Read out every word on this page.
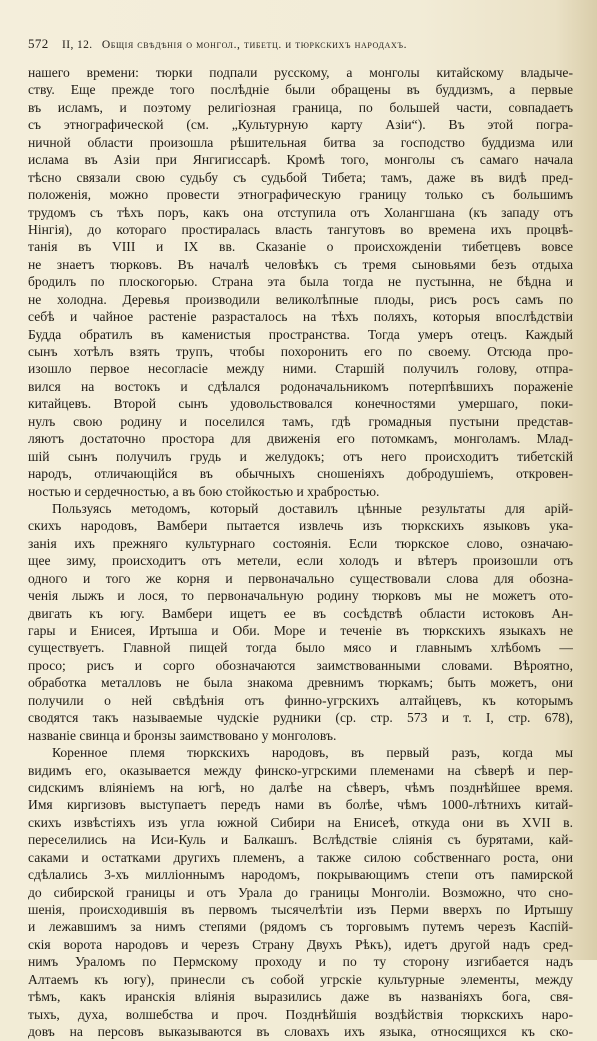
572 II, 12. Общiя свѣдѣнiя о монгол., тибетц. и тюркскихъ народахъ.
нашего времени: тюрки подпали русскому, а монголы китайскому владыче-
ству. Еще прежде того послѣдніе были обращены въ буддизмъ, а первые
въ исламъ, и поэтому религіозная граница, по большей части, совпадаетъ
съ этнографической (см. „Культурную карту Азіи“). Въ этой погра-
ничной области произошла рѣшительная битва за господство буддизма или
ислама въ Азіи при Янгигиссарѣ. Кромѣ того, монголы съ самаго начала
тѣсно связали свою судьбу съ судьбой Тибета; тамъ, даже въ видѣ пред-
положенія, можно провести этнографическую границу только съ большимъ
трудомъ съ тѣхъ поръ, какъ она отступила отъ Холангшана (къ западу отъ
Нінгія), до котораго простиралась власть тангутовъ во времена ихъ процвѣ-
танія въ VIII и IX вв. Сказаніе о происхожденіи тибетцевъ вовсе
не знаетъ тюрковъ. Въ началѣ человѣкъ съ тремя сыновьями безъ отдыха
бродилъ по плоскогорью. Страна эта была тогда не пустынна, не бѣдна и
не холодна. Деревья производили великолѣпные плоды, рисъ росъ самъ по
себѣ и чайное растеніе разрасталось на тѣхъ поляхъ, которыя впослѣдствіи
Будда обратилъ въ каменистыя пространства. Тогда умеръ отецъ. Каждый
сынъ хотѣлъ взять трупъ, чтобы похоронить его по своему. Отсюда про-
изошло первое несогласіе между ними. Старшій получилъ голову, отпра-
вился на востокъ и сдѣлался родоначальникомъ потерпѣвшихъ пораженіе
китайцевъ. Второй сынъ удовольствовался конечностями умершаго, поки-
нулъ свою родину и поселился тамъ, гдѣ громадныя пустыни представ-
ляютъ достаточно простора для движенія его потомкамъ, монголамъ. Млад-
шій сынъ получилъ грудь и желудокъ; отъ него происходитъ тибетскій
народъ, отличающійся въ обычныхъ сношеніяхъ добродушіемъ, откровен-
ностью и сердечностью, а въ бою стойкостью и храбростью.
Пользуясь методомъ, который доставилъ цѣнные результаты для арій-
скихъ народовъ, Вамбери пытается извлечь изъ тюркскихъ языковъ ука-
занія ихъ прежняго культурнаго состоянія. Если тюркское слово, означаю-
щее зиму, происходитъ отъ метели, если холодъ и вѣтеръ произошли отъ
одного и того же корня и первоначально существовали слова для обозна-
ченія лыжъ и лося, то первоначальную родину тюрковъ мы не можетъ ото-
двигать къ югу. Вамбери ищетъ ее въ сосѣдствѣ области истоковъ Ан-
гары и Енисея, Иртыша и Оби. Море и теченіе въ тюркскихъ языкахъ не
существуетъ. Главной пищей тогда было мясо и главнымъ хлѣбомъ —
просо; рисъ и сорго обозначаются заимствованными словами. Вѣроятно,
обработка металловъ не была знакома древнимъ тюркамъ; быть можетъ, они
получили о ней свѣдѣнія отъ финно-угрскихъ алтайцевъ, къ которымъ
сводятся такъ называемые чудскіе рудники (ср. стр. 573 и т. I, стр. 678),
названіе свинца и бронзы заимствовано у монголовъ.
Коренное племя тюркскихъ народовъ, въ первый разъ, когда мы
видимъ его, оказывается между финско-угрскими племенами на сѣверѣ и пер-
сидскимъ вліяніемъ на югѣ, но далѣе на сѣверъ, чѣмъ позднѣйшее время.
Имя киргизовъ выступаетъ передъ нами въ болѣе, чѣмъ 1000-лѣтнихъ китай-
скихъ извѣстіяхъ изъ угла южной Сибири на Енисеѣ, откуда они въ XVII в.
переселились на Иси-Куль и Балкашъ. Вслѣдствіе сліянія съ бурятами, кай-
саками и остатками другихъ племенъ, а также силою собственнаго роста, они
сдѣлались 3-хъ милліоннымъ народомъ, покрывающимъ степи отъ памирской
до сибирской границы и отъ Урала до границы Монголіи. Возможно, что сно-
шенія, происходившія въ первомъ тысячелѣтіи изъ Перми вверхъ по Иртышу
и лежавшимъ за нимъ степями (рядомъ съ торговымъ путемъ черезъ Каспій-
скія ворота народовъ и черезъ Страну Двухъ Рѣкъ), идетъ другой надъ сред-
нимъ Ураломъ по Пермскому проходу и по ту сторону изгибается надъ
Алтаемъ къ югу), принесли съ собой угрскіе культурные элементы, между
тѣмъ, какъ иранскія вліянія выразились даже въ названіяхъ бога, свя-
тыхъ, духа, волшебства и проч. Позднѣйшія воздѣйствія тюркскихъ наро-
довъ на персовъ выказываются въ словахъ ихъ языка, относящихся къ ско-
